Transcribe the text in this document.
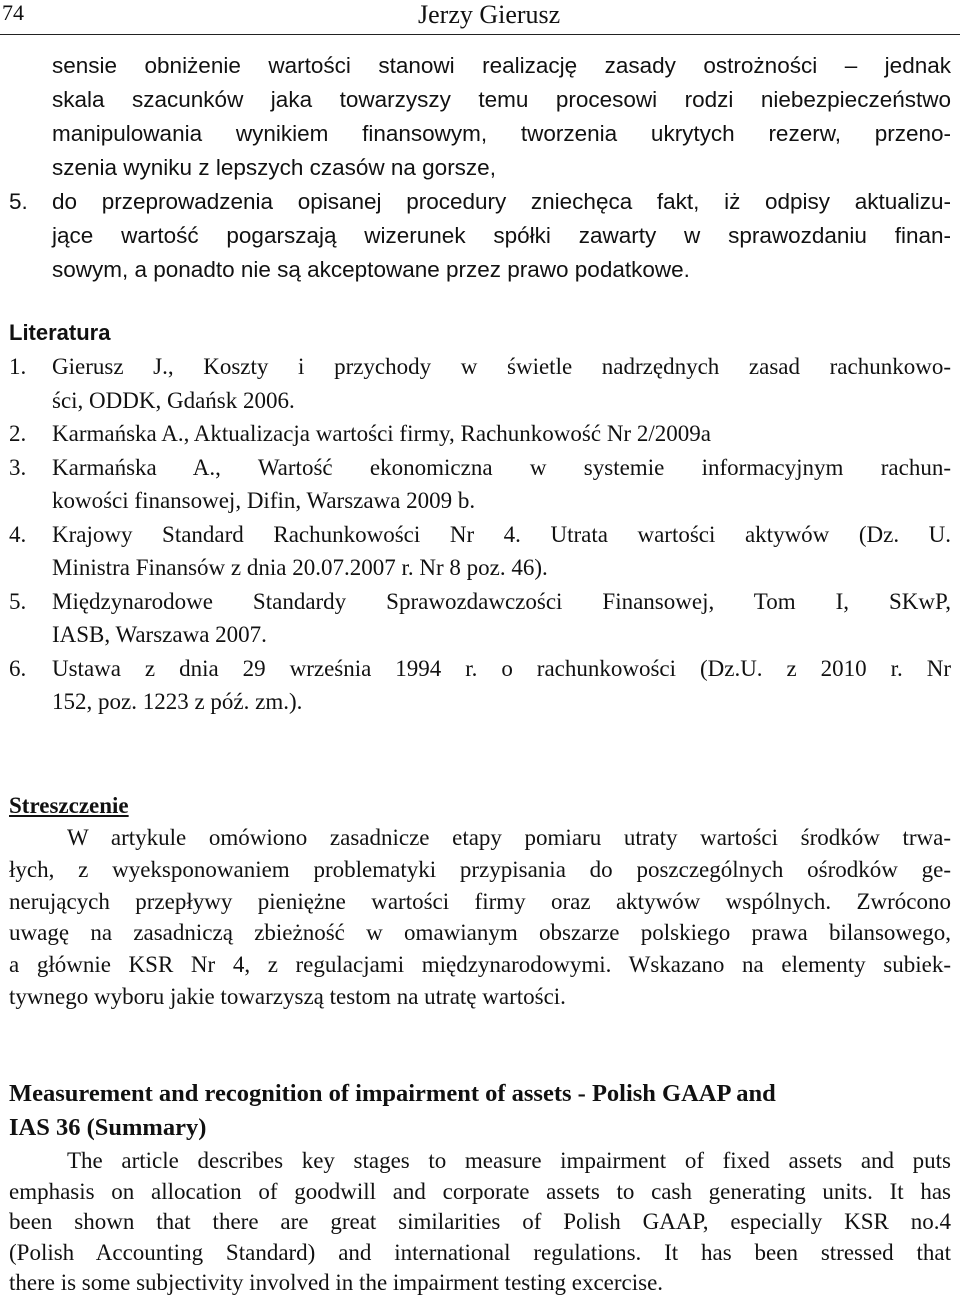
74	Jerzy Gierusz
sensie obniżenie wartości stanowi realizację zasady ostrożności – jednak
skala szacunków jaka towarzyszy temu procesowi rodzi niebezpieczeństwo
manipulowania wynikiem finansowym, tworzenia ukrytych rezerw, przeno-
szenia wyniku z lepszych czasów na gorsze,
5.	do przeprowadzenia opisanej procedury zniechęca fakt, iż odpisy aktualizu-
jące wartość pogarszają wizerunek spółki zawarty w sprawozdaniu finan-
sowym, a ponadto nie są akceptowane przez prawo podatkowe.
Literatura
1. Gierusz J., Koszty i przychody w świetle nadrzędnych zasad rachunkowo-
ści, ODDK, Gdańsk 2006.
2. Karmańska A., Aktualizacja wartości firmy, Rachunkowość Nr 2/2009a
3. Karmańska A., Wartość ekonomiczna w systemie informacyjnym rachun-
kowości finansowej, Difin, Warszawa 2009 b.
4. Krajowy Standard Rachunkowości Nr 4. Utrata wartości aktywów (Dz. U.
Ministra Finansów z dnia 20.07.2007 r. Nr 8 poz. 46).
5. Międzynarodowe Standardy Sprawozdawczości Finansowej, Tom I, SKwP,
IASB, Warszawa 2007.
6. Ustawa z dnia 29 września 1994 r. o rachunkowości (Dz.U. z 2010 r. Nr
152, poz. 1223 z póź. zm.).
Streszczenie
W artykule omówiono zasadnicze etapy pomiaru utraty wartości środków trwa-
łych, z wyeksponowaniem problematyki przypisania do poszczególnych ośrodków ge-
nerujących przepływy pieniężne wartości firmy oraz aktywów wspólnych. Zwrócono
uwagę na zasadniczą zbieżność w omawianym obszarze polskiego prawa bilansowego,
a głównie KSR Nr 4, z regulacjami międzynarodowymi. Wskazano na elementy subiek-
tywnego wyboru jakie towarzyszą testom na utratę wartości.
Measurement and recognition of impairment of assets - Polish GAAP and
IAS 36 (Summary)
The article describes key stages to measure impairment of fixed assets and puts
emphasis on allocation of goodwill and corporate assets to cash generating units. It has
been shown that there are great similarities of Polish GAAP, especially KSR no.4
(Polish Accounting Standard) and international regulations. It has been stressed that
there is some subjectivity involved in the impairment testing excercise.
